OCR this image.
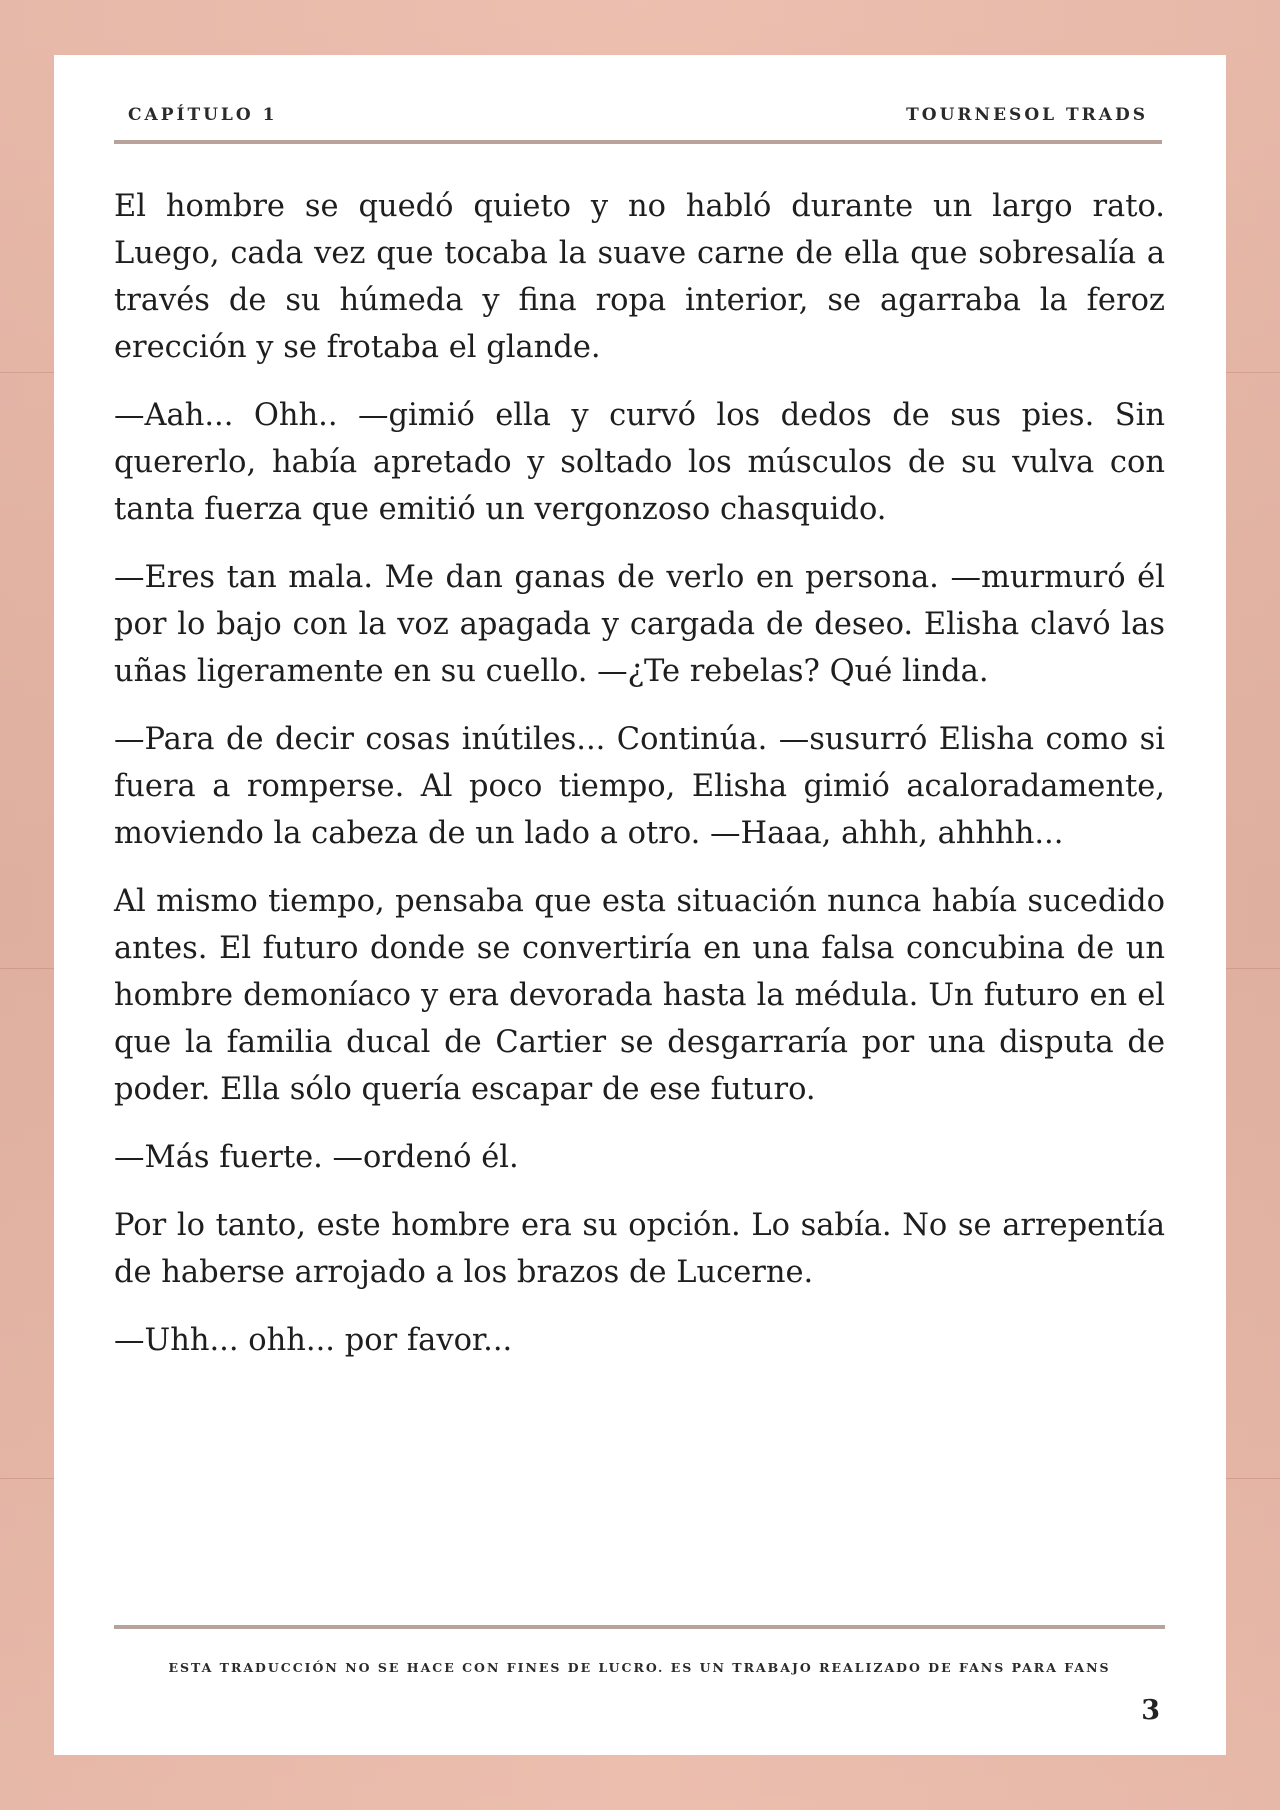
CAPÍTULO 1	TOURNESOL TRADS

El hombre se quedó quieto y no habló durante un largo rato. Luego, cada vez que tocaba la suave carne de ella que sobresalía a través de su húmeda y fina ropa interior, se agarraba la feroz erección y se frotaba el glande.

—Aah... Ohh.. —gimió ella y curvó los dedos de sus pies. Sin quererlo, había apretado y soltado los músculos de su vulva con tanta fuerza que emitió un vergonzoso chasquido.

—Eres tan mala. Me dan ganas de verlo en persona. —murmuró él por lo bajo con la voz apagada y cargada de deseo. Elisha clavó las uñas ligeramente en su cuello. —¿Te rebelas? Qué linda.

—Para de decir cosas inútiles... Continúa. —susurró Elisha como si fuera a romperse. Al poco tiempo, Elisha gimió acaloradamente, moviendo la cabeza de un lado a otro. —Haaa, ahhh, ahhhh...

Al mismo tiempo, pensaba que esta situación nunca había sucedido antes. El futuro donde se convertiría en una falsa concubina de un hombre demoníaco y era devorada hasta la médula. Un futuro en el que la familia ducal de Cartier se desgarraría por una disputa de poder. Ella sólo quería escapar de ese futuro.

—Más fuerte. —ordenó él.

Por lo tanto, este hombre era su opción. Lo sabía. No se arrepentía de haberse arrojado a los brazos de Lucerne.

—Uhh... ohh... por favor...

ESTA TRADUCCIÓN NO SE HACE CON FINES DE LUCRO. ES UN TRABAJO REALIZADO DE FANS PARA FANS
3
